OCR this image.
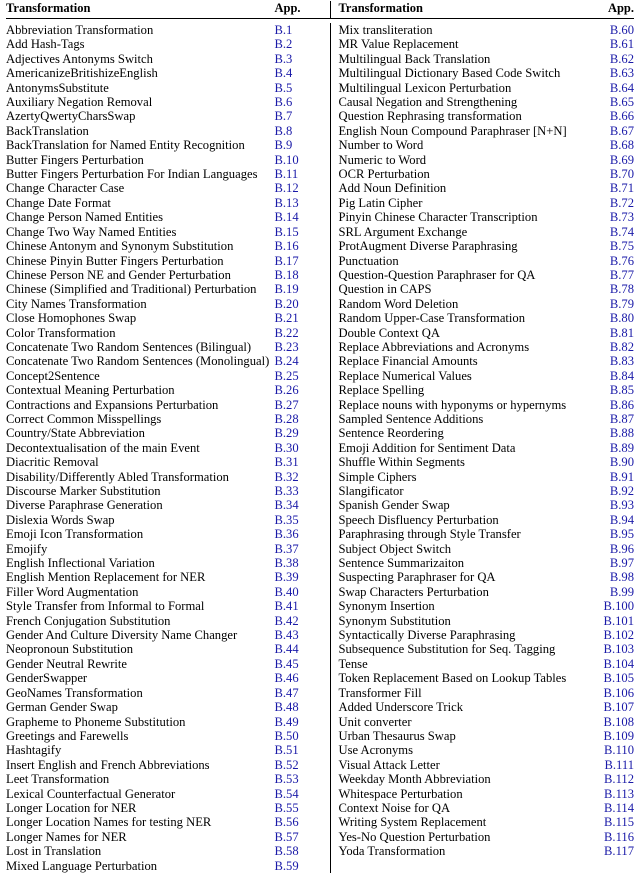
Transformation	App.	Transformation	App.
Abbreviation Transformation	B.1
Add Hash-Tags	B.2
Adjectives Antonyms Switch	B.3
AmericanizeBritishizeEnglish	B.4
AntonymsSubstitute	B.5
Auxiliary Negation Removal	B.6
AzertyQwertyCharsSwap	B.7
BackTranslation	B.8
BackTranslation for Named Entity Recognition	B.9
Butter Fingers Perturbation	B.10
Butter Fingers Perturbation For Indian Languages	B.11
Change Character Case	B.12
Change Date Format	B.13
Change Person Named Entities	B.14
Change Two Way Named Entities	B.15
Chinese Antonym and Synonym Substitution	B.16
Chinese Pinyin Butter Fingers Perturbation	B.17
Chinese Person NE and Gender Perturbation	B.18
Chinese (Simplified and Traditional) Perturbation	B.19
City Names Transformation	B.20
Close Homophones Swap	B.21
Color Transformation	B.22
Concatenate Two Random Sentences (Bilingual)	B.23
Concatenate Two Random Sentences (Monolingual) B.24
Concept2Sentence	B.25
Contextual Meaning Perturbation	B.26
Contractions and Expansions Perturbation	B.27
Correct Common Misspellings	B.28
Country/State Abbreviation	B.29
Decontextualisation of the main Event	B.30
Diacritic Removal	B.31
Disability/Differently Abled Transformation	B.32
Discourse Marker Substitution	B.33
Diverse Paraphrase Generation	B.34
Dislexia Words Swap	B.35
Emoji Icon Transformation	B.36
Emojify	B.37
English Inflectional Variation	B.38
English Mention Replacement for NER	B.39
Filler Word Augmentation	B.40
Style Transfer from Informal to Formal	B.41
French Conjugation Substitution	B.42
Gender And Culture Diversity Name Changer	B.43
Neopronoun Substitution	B.44
Gender Neutral Rewrite	B.45
GenderSwapper	B.46
GeoNames Transformation	B.47
German Gender Swap	B.48
Grapheme to Phoneme Substitution	B.49
Greetings and Farewells	B.50
Hashtagify	B.51
Insert English and French Abbreviations	B.52
Leet Transformation	B.53
Lexical Counterfactual Generator	B.54
Longer Location for NER	B.55
Longer Location Names for testing NER	B.56
Longer Names for NER	B.57
Lost in Translation	B.58
Mixed Language Perturbation	B.59
Mix transliteration	B.60
MR Value Replacement	B.61
Multilingual Back Translation	B.62
Multilingual Dictionary Based Code Switch	B.63
Multilingual Lexicon Perturbation	B.64
Causal Negation and Strengthening	B.65
Question Rephrasing transformation	B.66
English Noun Compound Paraphraser [N+N]	B.67
Number to Word	B.68
Numeric to Word	B.69
OCR Perturbation	B.70
Add Noun Definition	B.71
Pig Latin Cipher	B.72
Pinyin Chinese Character Transcription	B.73
SRL Argument Exchange	B.74
ProtAugment Diverse Paraphrasing	B.75
Punctuation	B.76
Question-Question Paraphraser for QA	B.77
Question in CAPS	B.78
Random Word Deletion	B.79
Random Upper-Case Transformation	B.80
Double Context QA	B.81
Replace Abbreviations and Acronyms	B.82
Replace Financial Amounts	B.83
Replace Numerical Values	B.84
Replace Spelling	B.85
Replace nouns with hyponyms or hypernyms	B.86
Sampled Sentence Additions	B.87
Sentence Reordering	B.88
Emoji Addition for Sentiment Data	B.89
Shuffle Within Segments	B.90
Simple Ciphers	B.91
Slangificator	B.92
Spanish Gender Swap	B.93
Speech Disfluency Perturbation	B.94
Paraphrasing through Style Transfer	B.95
Subject Object Switch	B.96
Sentence Summarizaiton	B.97
Suspecting Paraphraser for QA	B.98
Swap Characters Perturbation	B.99
Synonym Insertion	B.100
Synonym Substitution	B.101
Syntactically Diverse Paraphrasing	B.102
Subsequence Substitution for Seq. Tagging	B.103
Tense	B.104
Token Replacement Based on Lookup Tables	B.105
Transformer Fill	B.106
Added Underscore Trick	B.107
Unit converter	B.108
Urban Thesaurus Swap	B.109
Use Acronyms	B.110
Visual Attack Letter	B.111
Weekday Month Abbreviation	B.112
Whitespace Perturbation	B.113
Context Noise for QA	B.114
Writing System Replacement	B.115
Yes-No Question Perturbation	B.116
Yoda Transformation	B.117
